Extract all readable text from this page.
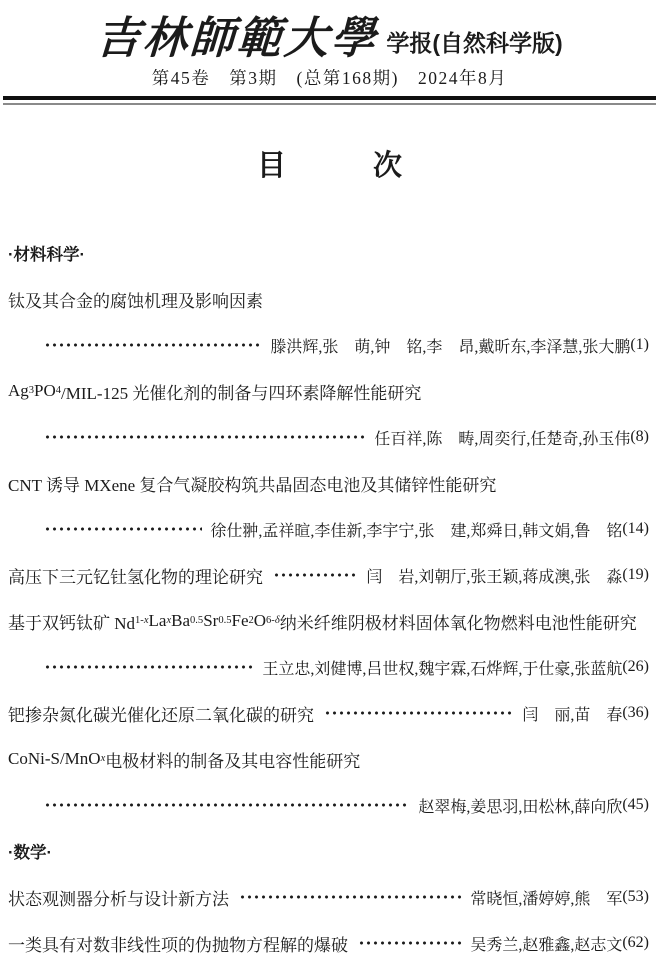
吉林師範大學 学报(自然科学版)
第45卷　第3期　(总第168期)　2024年8月
目　　　次
·材料科学·
钛及其合金的腐蚀机理及影响因素
滕洪辉,张　萌,钟　铭,李　昂,戴昕东,李泽慧,张大鹏 (1)
Ag 3 PO 4 /MIL-125 光催化剂的制备与四环素降解性能研究
任百祥,陈　畴,周奕行,任楚奇,孙玉伟 (8)
CNT 诱导 MXene 复合气凝胶构筑共晶固态电池及其储锌性能研究
徐仕翀,孟祥暄,李佳新,李宇宁,张　建,郑舜日,韩文娟,鲁　铭 (14)
高压下三元钇钍氢化物的理论研究	闫　岩,刘朝厅,张王颖,蒋成澳,张　淼 (19)
基于双钙钛矿 Nd 1- x La x Ba 0.5 Sr 0.5 Fe 2 O 6- δ 纳米纤维阴极材料固体氧化物燃料电池性能研究
王立忠,刘健博,吕世权,魏宇霖,石烨辉,于仕豪,张蓝航 (26)
钯掺杂氮化碳光催化还原二氧化碳的研究	闫　丽,苗　春 (36)
CoNi-S/MnO x 电极材料的制备及其电容性能研究
赵翠梅,姜思羽,田松林,薛向欣 (45)
·数学·
状态观测器分析与设计新方法	常晓恒,潘婷婷,熊　军 (53)
一类具有对数非线性项的伪抛物方程解的爆破	吴秀兰,赵雅鑫,赵志文 (62)
